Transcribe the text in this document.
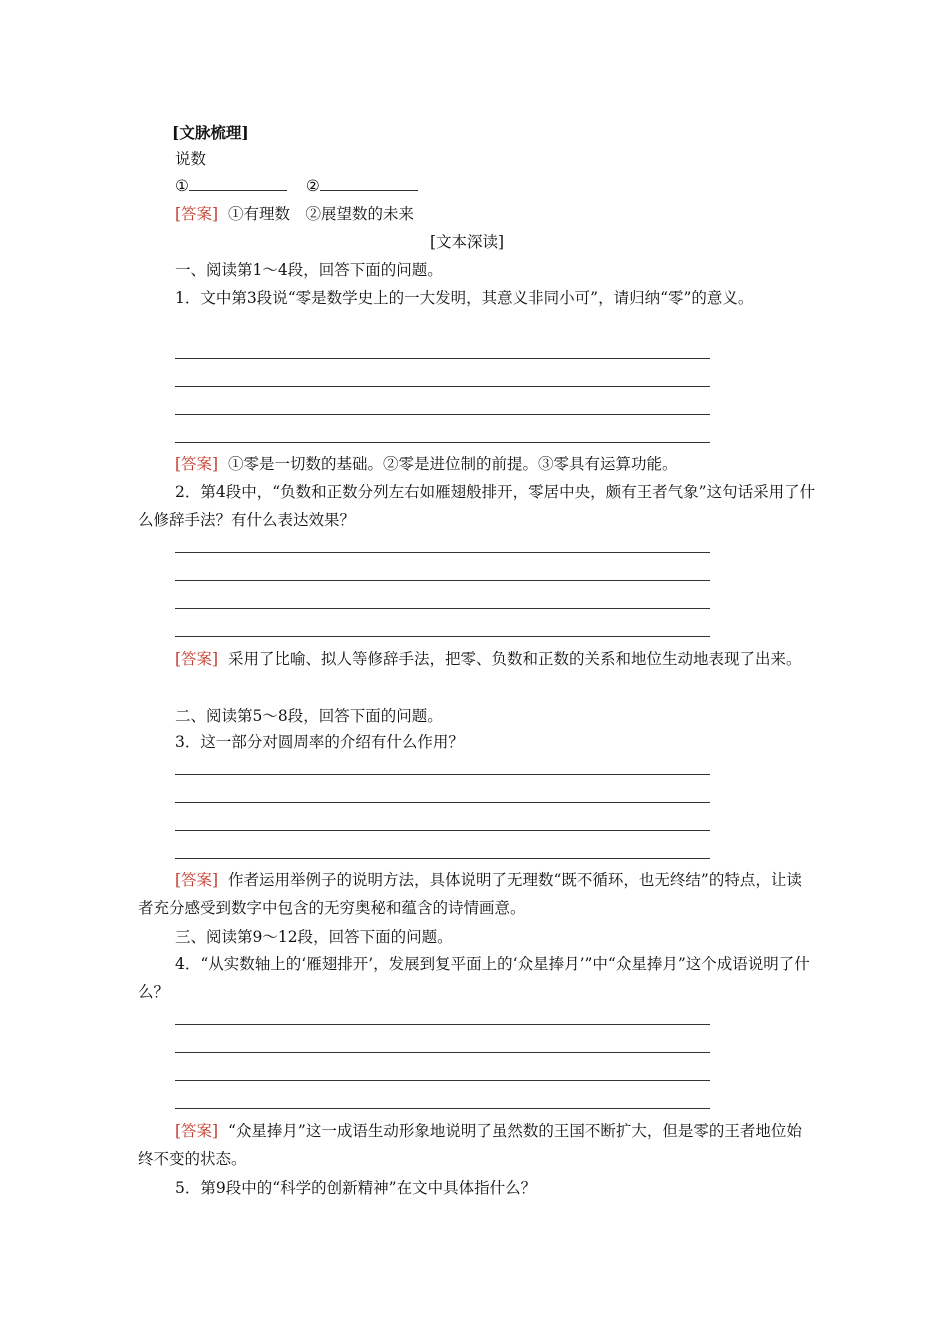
[文脉梳理]
说数
①	②
[答案] ①有理数　②展望数的未来
[文本深读]
一、阅读第1～4段，回答下面的问题。
1．文中第3段说“零是数学史上的一大发明，其意义非同小可”，请归纳“零”的意义。
[答案] ①零是一切数的基础。②零是进位制的前提。③零具有运算功能。
2．第4段中，“负数和正数分列左右如雁翅般排开，零居中央，颇有王者气象”这句话采用了什么修辞手法？有什么表达效果？
[答案] 采用了比喻、拟人等修辞手法，把零、负数和正数的关系和地位生动地表现了出来。
二、阅读第5～8段，回答下面的问题。
3．这一部分对圆周率的介绍有什么作用？
[答案] 作者运用举例子的说明方法，具体说明了无理数“既不循环，也无终结”的特点，让读者充分感受到数字中包含的无穷奥秘和蕴含的诗情画意。
三、阅读第9～12段，回答下面的问题。
4．“从实数轴上的‘雁翅排开’，发展到复平面上的‘众星捧月’”中“众星捧月”这个成语说明了什么？
[答案] “众星捧月”这一成语生动形象地说明了虽然数的王国不断扩大，但是零的王者地位始终不变的状态。
5．第9段中的“科学的创新精神”在文中具体指什么？
